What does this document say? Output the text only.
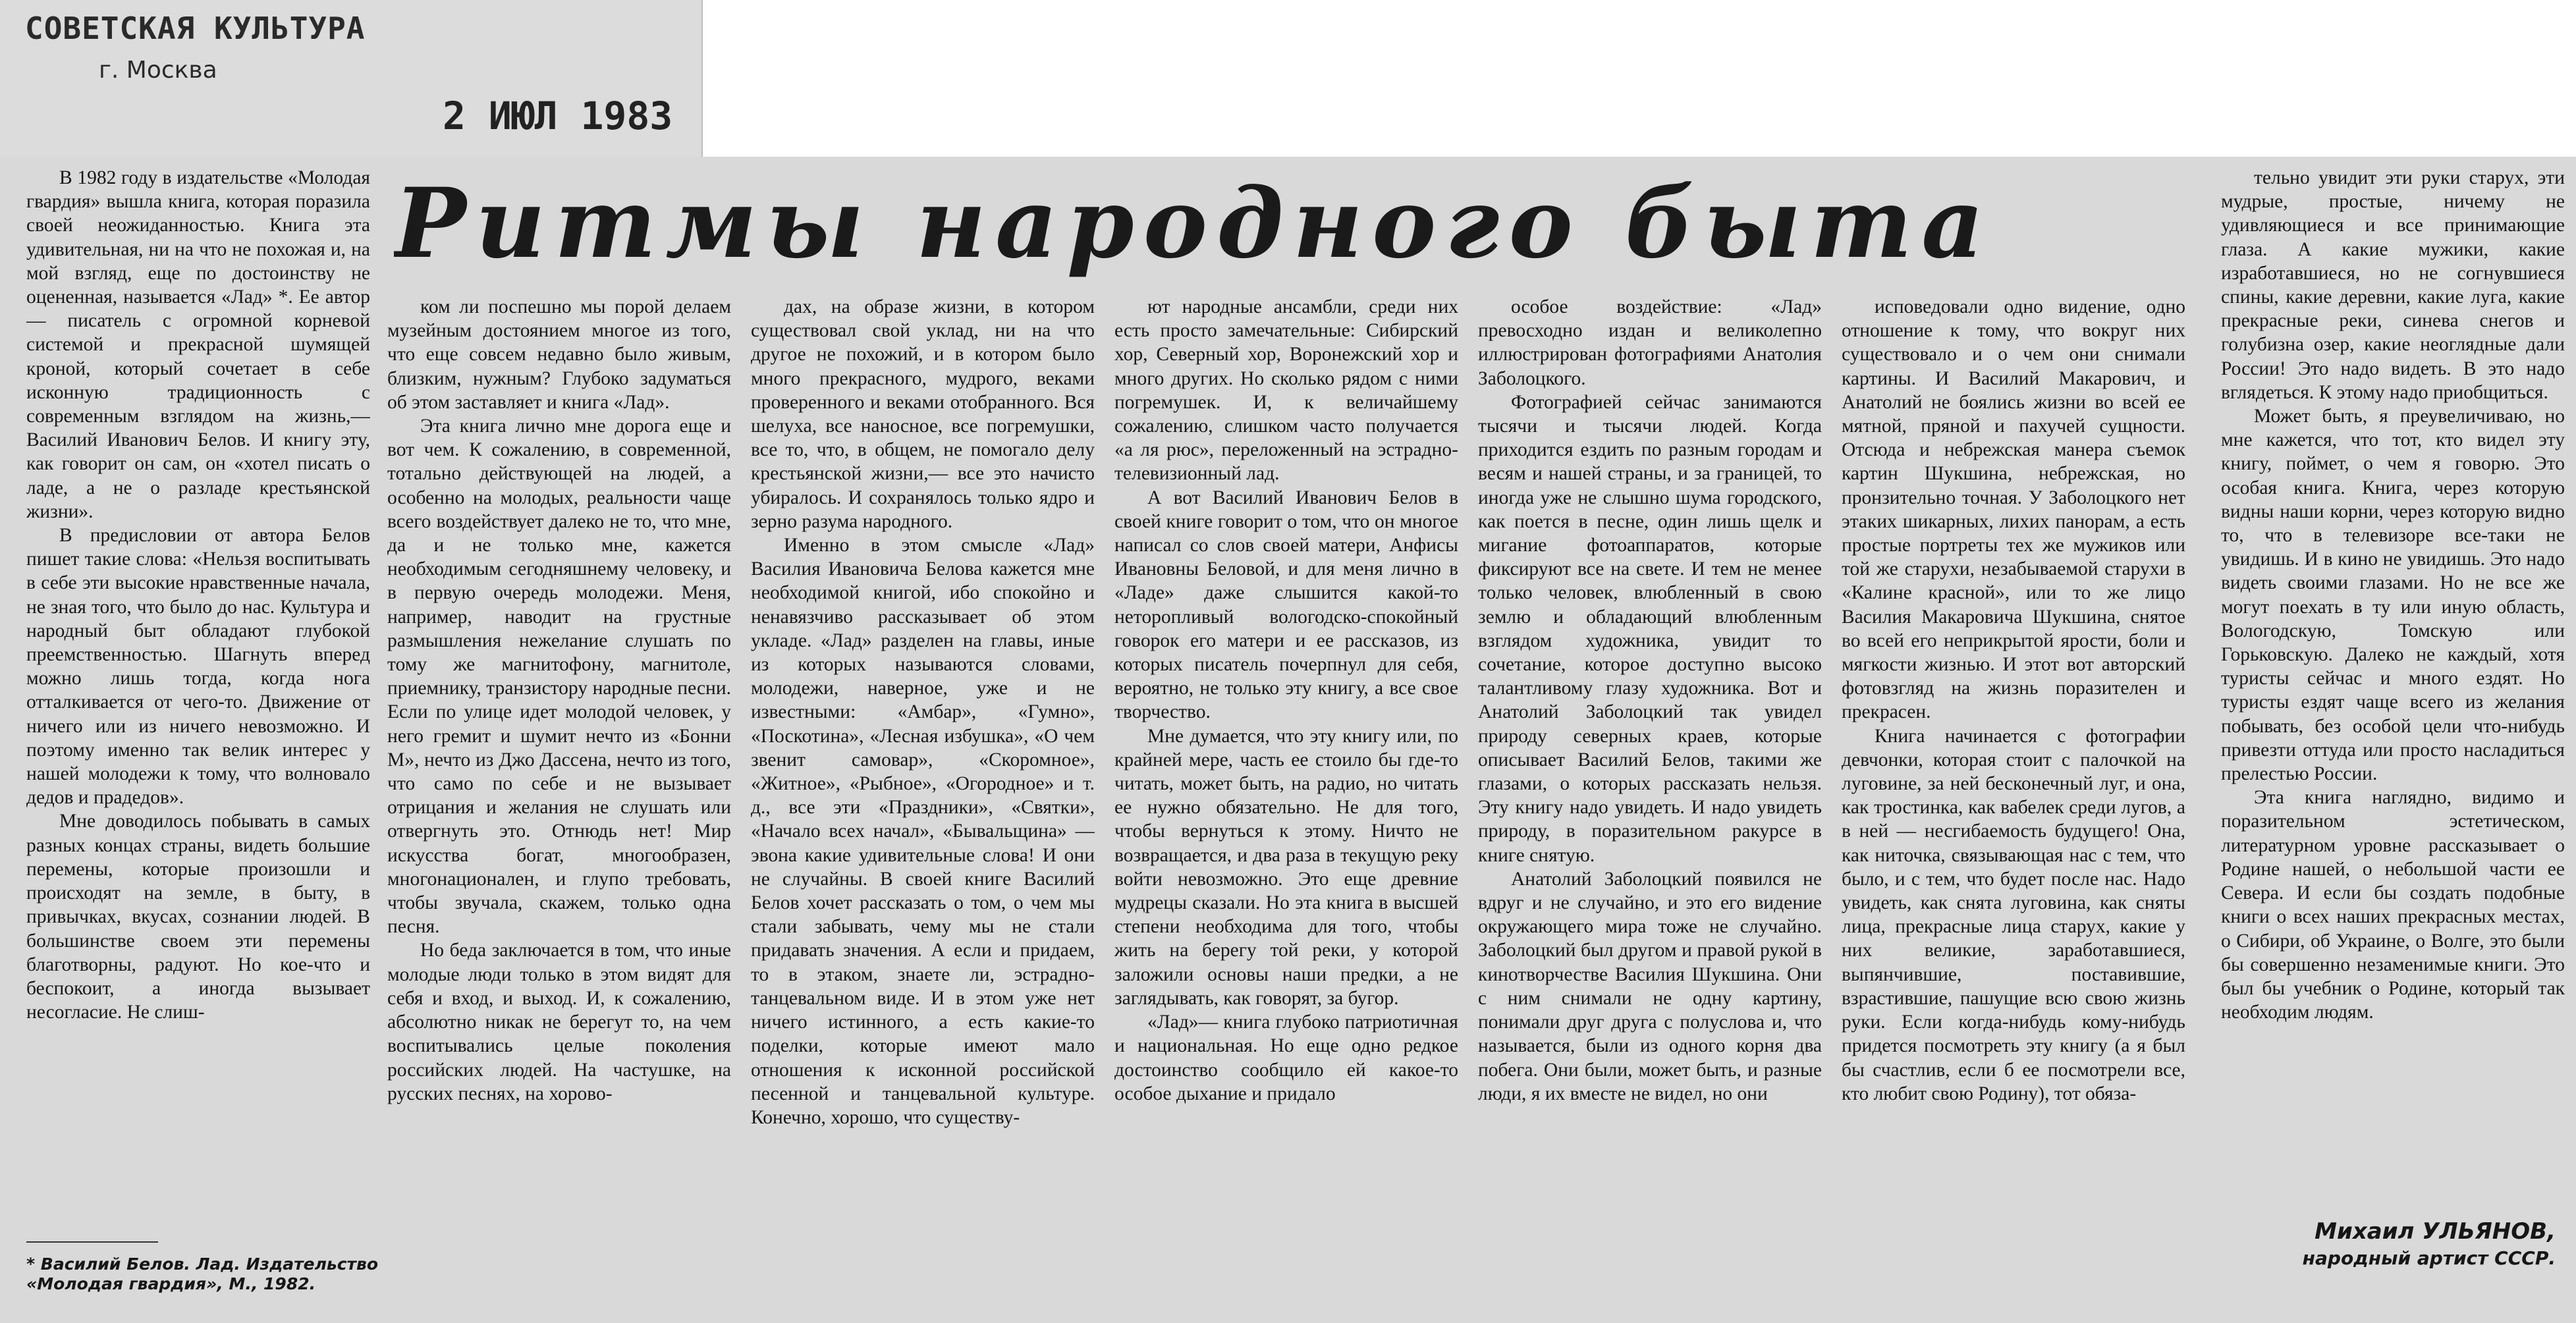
СОВЕТСКАЯ КУЛЬТУРА
г. Москва
2 ИЮЛ 1983
Ритмы народного быта

В 1982 году в издательстве «Молодая гвардия» вышла книга, которая поразила своей неожиданностью. Книга эта удивительная, ни на что не похожая и, на мой взгляд, еще по достоинству не оцененная, называется «Лад» *. Ее автор — писатель с огромной корневой системой и прекрасной шумящей кроной, который сочетает в себе исконную традиционность с современным взглядом на жизнь,— Василий Иванович Белов. И книгу эту, как говорит он сам, он «хотел писать о ладе, а не о разладе крестьянской жизни».

В предисловии от автора Белов пишет такие слова: «Нельзя воспитывать в себе эти высокие нравственные начала, не зная того, что было до нас. Культура и народный быт обладают глубокой преемственностью. Шагнуть вперед можно лишь тогда, когда нога отталкивается от чего-то. Движение от ничего или из ничего невозможно. И поэтому именно так велик интерес у нашей молодежи к тому, что волновало дедов и прадедов».

Мне доводилось побывать в самых разных концах страны, видеть большие перемены, которые произошли и происходят на земле, в быту, в привычках, вкусах, сознании людей. В большинстве своем эти перемены благотворны, радуют. Но кое-что и беспокоит, а иногда вызывает несогласие. Не слиш-

* Василий Белов. Лад. Издательство «Молодая гвардия», М., 1982.

ком ли поспешно мы порой делаем музейным достоянием многое из того, что еще совсем недавно было живым, близким, нужным? Глубоко задуматься об этом заставляет и книга «Лад».

Эта книга лично мне дорога еще и вот чем. К сожалению, в современной, тотально действующей на людей, а особенно на молодых, реальности чаще всего воздействует далеко не то, что мне, да и не только мне, кажется необходимым сегодняшнему человеку, и в первую очередь молодежи. Меня, например, наводит на грустные размышления нежелание слушать по тому же магнитофону, магнитоле, приемнику, транзистору народные песни. Если по улице идет молодой человек, у него гремит и шумит нечто из «Бонни М», нечто из Джо Дассена, нечто из того, что само по себе и не вызывает отрицания и желания не слушать или отвергнуть это. Отнюдь нет! Мир искусства богат, многообразен, многонационален, и глупо требовать, чтобы звучала, скажем, только одна песня.

Но беда заключается в том, что иные молодые люди только в этом видят для себя и вход, и выход. И, к сожалению, абсолютно никак не берегут то, на чем воспитывались целые поколения российских людей. На частушке, на русских песнях, на хорово-

дах, на образе жизни, в котором существовал свой уклад, ни на что другое не похожий, и в котором было много прекрасного, мудрого, веками проверенного и веками отобранного. Вся шелуха, все наносное, все погремушки, все то, что, в общем, не помогало делу крестьянской жизни,— все это начисто убиралось. И сохранялось только ядро и зерно разума народного.

Именно в этом смысле «Лад» Василия Ивановича Белова кажется мне необходимой книгой, ибо спокойно и ненавязчиво рассказывает об этом укладе. «Лад» разделен на главы, иные из которых называются словами, молодежи, наверное, уже и не известными: «Амбар», «Гумно», «Поскотина», «Лесная избушка», «О чем звенит самовар», «Скоромное», «Житное», «Рыбное», «Огородное» и т. д., все эти «Праздники», «Святки», «Начало всех начал», «Бывальщина» — эвона какие удивительные слова! И они не случайны. В своей книге Василий Белов хочет рассказать о том, о чем мы стали забывать, чему мы не стали придавать значения. А если и придаем, то в этаком, знаете ли, эстрадно-танцевальном виде. И в этом уже нет ничего истинного, а есть какие-то поделки, которые имеют мало отношения к исконной российской песенной и танцевальной культуре. Конечно, хорошо, что существу-

ют народные ансамбли, среди них есть просто замечательные: Сибирский хор, Северный хор, Воронежский хор и много других. Но сколько рядом с ними погремушек. И, к величайшему сожалению, слишком часто получается «а ля рюс», переложенный на эстрадно-телевизионный лад.

А вот Василий Иванович Белов в своей книге говорит о том, что он многое написал со слов своей матери, Анфисы Ивановны Беловой, и для меня лично в «Ладе» даже слышится какой-то неторопливый вологодско-спокойный говорок его матери и ее рассказов, из которых писатель почерпнул для себя, вероятно, не только эту книгу, а все свое творчество.

Мне думается, что эту книгу или, по крайней мере, часть ее стоило бы где-то читать, может быть, на радио, но читать ее нужно обязательно. Не для того, чтобы вернуться к этому. Ничто не возвращается, и два раза в текущую реку войти невозможно. Это еще древние мудрецы сказали. Но эта книга в высшей степени необходима для того, чтобы жить на берегу той реки, у которой заложили основы наши предки, а не заглядывать, как говорят, за бугор.

«Лад»— книга глубоко патриотичная и национальная. Но еще одно редкое достоинство сообщило ей какое-то особое дыхание и придало

особое воздействие: «Лад» превосходно издан и великолепно иллюстрирован фотографиями Анатолия Заболоцкого.

Фотографией сейчас занимаются тысячи и тысячи людей. Когда приходится ездить по разным городам и весям и нашей страны, и за границей, то иногда уже не слышно шума городского, как поется в песне, один лишь щелк и мигание фотоаппаратов, которые фиксируют все на свете. И тем не менее только человек, влюбленный в свою землю и обладающий влюбленным взглядом художника, увидит то сочетание, которое доступно высоко талантливому глазу художника. Вот и Анатолий Заболоцкий так увидел природу северных краев, которые описывает Василий Белов, такими же глазами, о которых рассказать нельзя. Эту книгу надо увидеть. И надо увидеть природу, в поразительном ракурсе в книге снятую.

Анатолий Заболоцкий появился не вдруг и не случайно, и это его видение окружающего мира тоже не случайно. Заболоцкий был другом и правой рукой в кинотворчестве Василия Шукшина. Они с ним снимали не одну картину, понимали друг друга с полуслова и, что называется, были из одного корня два побега. Они были, может быть, и разные люди, я их вместе не видел, но они

исповедовали одно видение, одно отношение к тому, что вокруг них существовало и о чем они снимали картины. И Василий Макарович, и Анатолий не боялись жизни во всей ее мятной, пряной и пахучей сущности. Отсюда и небрежская манера съемок картин Шукшина, небрежская, но пронзительно точная. У Заболоцкого нет этаких шикарных, лихих панорам, а есть простые портреты тех же мужиков или той же старухи, незабываемой старухи в «Калине красной», или то же лицо Василия Макаровича Шукшина, снятое во всей его неприкрытой ярости, боли и мягкости жизнью. И этот вот авторский фотовзгляд на жизнь поразителен и прекрасен.

Книга начинается с фотографии девчонки, которая стоит с палочкой на луговине, за ней бесконечный луг, и она, как тростинка, как вабелек среди лугов, а в ней — несгибаемость будущего! Она, как ниточка, связывающая нас с тем, что было, и с тем, что будет после нас. Надо увидеть, как снята луговина, как сняты лица, прекрасные лица старух, какие у них великие, заработавшиеся, выпянчившие, поставившие, взрастившие, пашущие всю свою жизнь руки. Если когда-нибудь кому-нибудь придется посмотреть эту книгу (а я был бы счастлив, если б ее посмотрели все, кто любит свою Родину), тот обяза-

тельно увидит эти руки старух, эти мудрые, простые, ничему не удивляющиеся и все принимающие глаза. А какие мужики, какие изработавшиеся, но не согнувшиеся спины, какие деревни, какие луга, какие прекрасные реки, синева снегов и голубизна озер, какие неоглядные дали России! Это надо видеть. В это надо вглядеться. К этому надо приобщиться.

Может быть, я преувеличиваю, но мне кажется, что тот, кто видел эту книгу, поймет, о чем я говорю. Это особая книга. Книга, через которую видны наши корни, через которую видно то, что в телевизоре все-таки не увидишь. И в кино не увидишь. Это надо видеть своими глазами. Но не все же могут поехать в ту или иную область, Вологодскую, Томскую или Горьковскую. Далеко не каждый, хотя туристы сейчас и много ездят. Но туристы ездят чаще всего из желания побывать, без особой цели что-нибудь привезти оттуда или просто насладиться прелестью России.

Эта книга наглядно, видимо и поразительном эстетическом, литературном уровне рассказывает о Родине нашей, о небольшой части ее Севера. И если бы создать подобные книги о всех наших прекрасных местах, о Сибири, об Украине, о Волге, это были бы совершенно незаменимые книги. Это был бы учебник о Родине, который так необходим людям.

Михаил УЛЬЯНОВ,
народный артист СССР.
